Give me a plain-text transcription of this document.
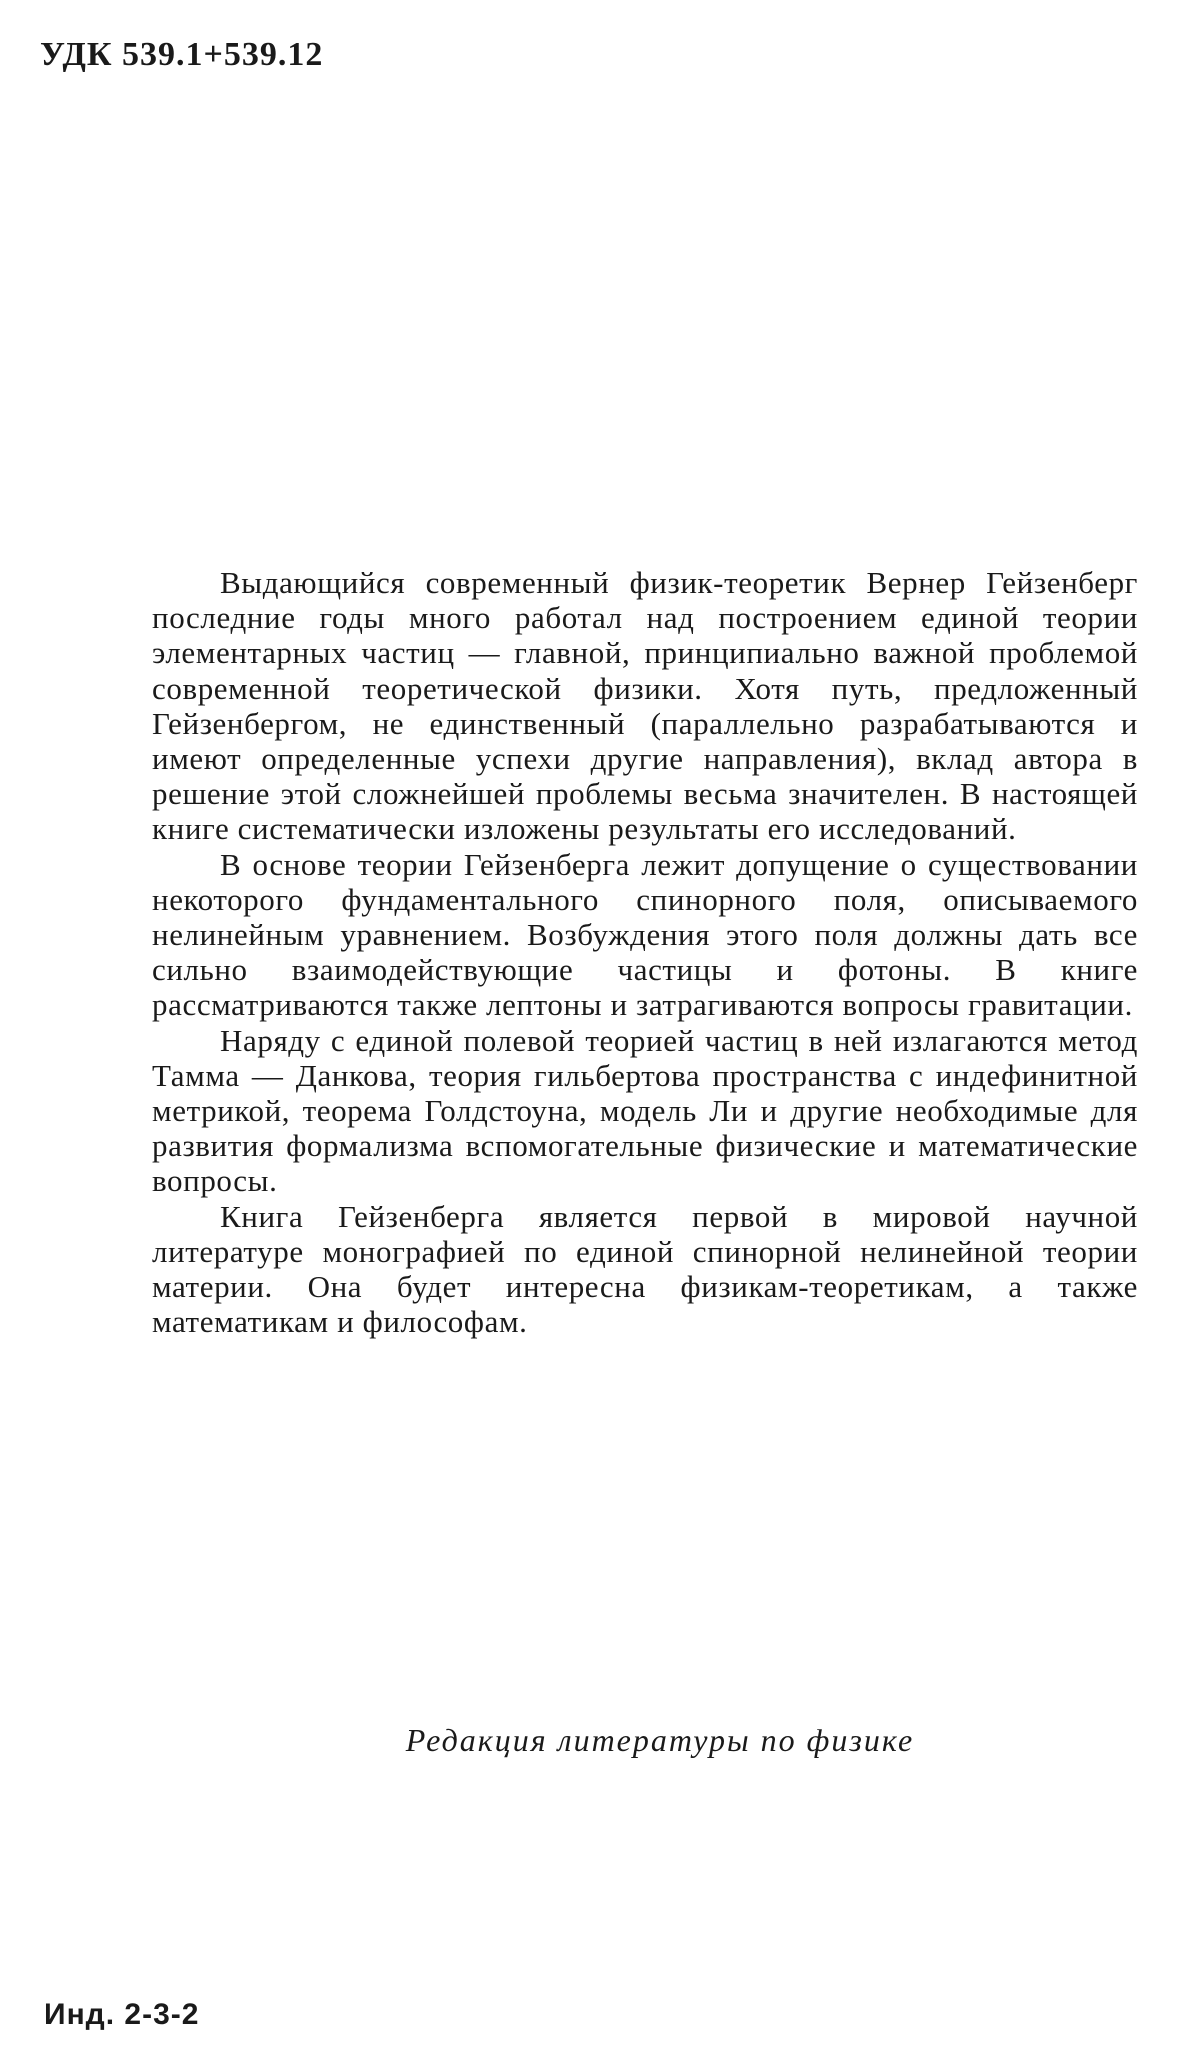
УДК 539.1+539.12

Выдающийся современный физик-теоретик Вернер Гейзенберг последние годы много работал над построением единой теории элементарных частиц — главной, принципиально важной проблемой современной теоретической физики. Хотя путь, предложенный Гейзенбергом, не единственный (параллельно разрабатываются и имеют определенные успехи другие направления), вклад автора в решение этой сложнейшей проблемы весьма значителен. В настоящей книге систематически изложены результаты его исследований.

В основе теории Гейзенберга лежит допущение о существовании некоторого фундаментального спинорного поля, описываемого нелинейным уравнением. Возбуждения этого поля должны дать все сильно взаимодействующие частицы и фотоны. В книге рассматриваются также лептоны и затрагиваются вопросы гравитации.

Наряду с единой полевой теорией частиц в ней излагаются метод Тамма — Данкова, теория гильбертова пространства с индефинитной метрикой, теорема Голдстоуна, модель Ли и другие необходимые для развития формализма вспомогательные физические и математические вопросы.

Книга Гейзенберга является первой в мировой научной литературе монографией по единой спинорной нелинейной теории материи. Она будет интересна физикам-теоретикам, а также математикам и философам.

Редакция литературы по физике

Инд. 2-3-2
